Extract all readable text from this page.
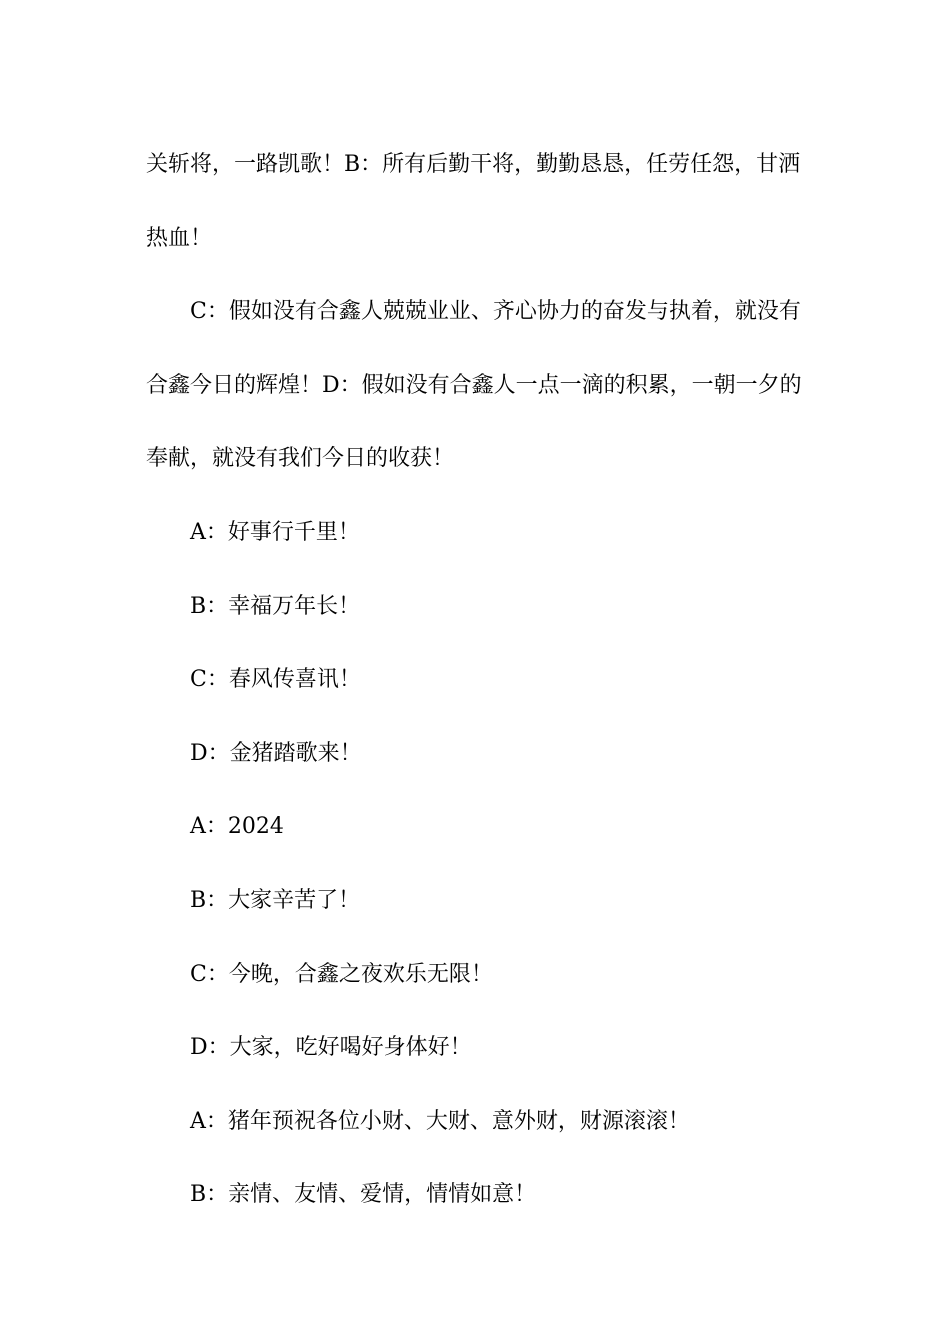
关斩将，一路凯歌！B：所有后勤干将，勤勤恳恳，任劳任怨，甘洒热血！

C：假如没有合鑫人兢兢业业、齐心协力的奋发与执着，就没有合鑫今日的辉煌！D：假如没有合鑫人一点一滴的积累，一朝一夕的奉献，就没有我们今日的收获！

A：好事行千里！

B：幸福万年长！

C：春风传喜讯！

D：金猪踏歌来！

A：2024

B：大家辛苦了！

C：今晚，合鑫之夜欢乐无限！

D：大家，吃好喝好身体好！

A：猪年预祝各位小财、大财、意外财，财源滚滚！

B：亲情、友情、爱情，情情如意！
